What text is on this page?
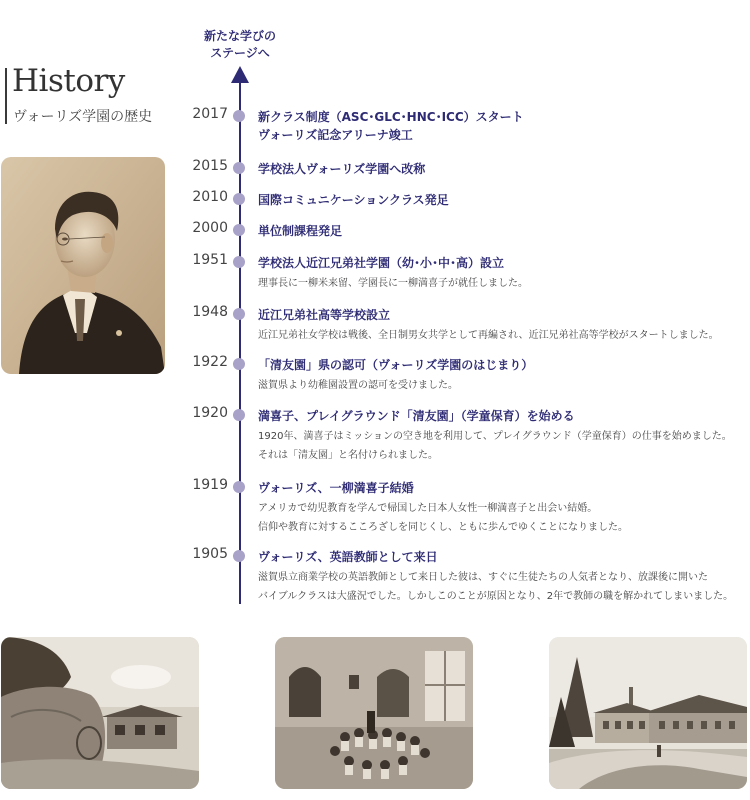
History
ヴォーリズ学園の歴史
新たな学びの
ステージへ
2017	新クラス制度（ASC･GLC･HNC･ICC）スタート
ヴォーリズ記念アリーナ竣工
2015	学校法人ヴォーリズ学園へ改称
2010	国際コミュニケーションクラス発足
2000	単位制課程発足
1951	学校法人近江兄弟社学園（幼･小･中･高）設立
理事長に一柳米来留、学園長に一柳満喜子が就任しました。
1948	近江兄弟社高等学校設立
近江兄弟社女学校は戦後、全日制男女共学として再編され、近江兄弟社高等学校がスタートしました。
1922	「清友園」県の認可（ヴォーリズ学園のはじまり）
滋賀県より幼稚園設置の認可を受けました。
1920	満喜子、プレイグラウンド「清友園」（学童保育）を始める
1920年、満喜子はミッションの空き地を利用して、プレイグラウンド（学童保育）の仕事を始めました。
それは「清友園」と名付けられました。
1919	ヴォーリズ、一柳満喜子結婚
アメリカで幼児教育を学んで帰国した日本人女性一柳満喜子と出会い結婚。
信仰や教育に対するこころざしを同じくし、ともに歩んでゆくことになりました。
1905	ヴォーリズ、英語教師として来日
滋賀県立商業学校の英語教師として来日した彼は、すぐに生徒たちの人気者となり、放課後に開いた
バイブルクラスは大盛況でした。しかしこのことが原因となり、2年で教師の職を解かれてしまいました。
